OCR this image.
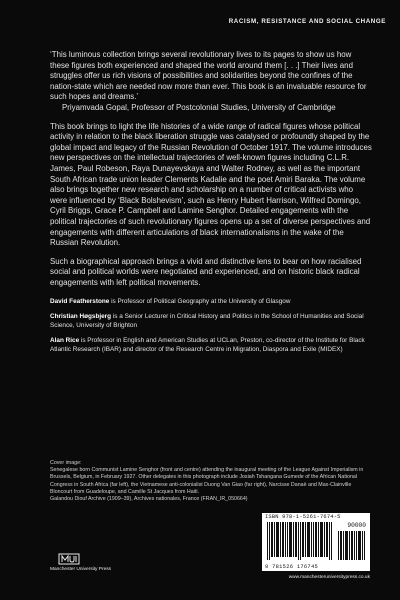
RACISM, RESISTANCE AND SOCIAL CHANGE

‘This luminous collection brings several revolutionary lives to its pages to show us how these figures both experienced and shaped the world around them [. . .] Their lives and struggles offer us rich visions of possibilities and solidarities beyond the confines of the nation-state which are needed now more than ever. This book is an invaluable resource for such hopes and dreams.’

Priyamvada Gopal, Professor of Postcolonial Studies, University of Cambridge

This book brings to light the life histories of a wide range of radical figures whose political activity in relation to the black liberation struggle was catalysed or profoundly shaped by the global impact and legacy of the Russian Revolution of October 1917. The volume introduces new perspectives on the intellectual trajectories of well-known figures including C.L.R. James, Paul Robeson, Raya Dunayevskaya and Walter Rodney, as well as the important South African trade union leader Clements Kadalie and the poet Amiri Baraka. The volume also brings together new research and scholarship on a number of critical activists who were influenced by ‘Black Bolshevism’, such as Henry Hubert Harrison, Wilfred Domingo, Cyril Briggs, Grace P. Campbell and Lamine Senghor. Detailed engagements with the political trajectories of such revolutionary figures opens up a set of diverse perspectives and engagements with different articulations of black internationalisms in the wake of the Russian Revolution.

Such a biographical approach brings a vivid and distinctive lens to bear on how racialised social and political worlds were negotiated and experienced, and on historic black radical engagements with left political movements.

David Featherstone is Professor of Political Geography at the University of Glasgow

Christian Høgsbjerg is a Senior Lecturer in Critical History and Politics in the School of Humanities and Social Science, University of Brighton

Alan Rice is Professor in English and American Studies at UCLan, Preston, co-director of the Institute for Black Atlantic Research (IBAR) and director of the Research Centre in Migration, Diaspora and Exile (MIDEX)

Cover image:

Senegalese born Communist Lamine Senghor (front and centre) attending the inaugural meeting of the League Against Imperialism in Brussels, Belgium, in February 1927. Other delegates in this photograph include Josiah Tshangana Gumede of the African National Congress in South Africa (far left), the Vietnamese anti-colonialist Duong Van Giao (far right), Narcisse Danaë and Max-Clainville Bloncourt from Guadeloupe, and Camille St Jacques from Haiti.

Galandou Diouf Archive (1909–39), Archives nationales, France (FRAN_IR_050664)

ISBN 978-1-5261-7674-5
90000
9 781526 176745
Manchester University Press
www.manchesteruniversitypress.co.uk
